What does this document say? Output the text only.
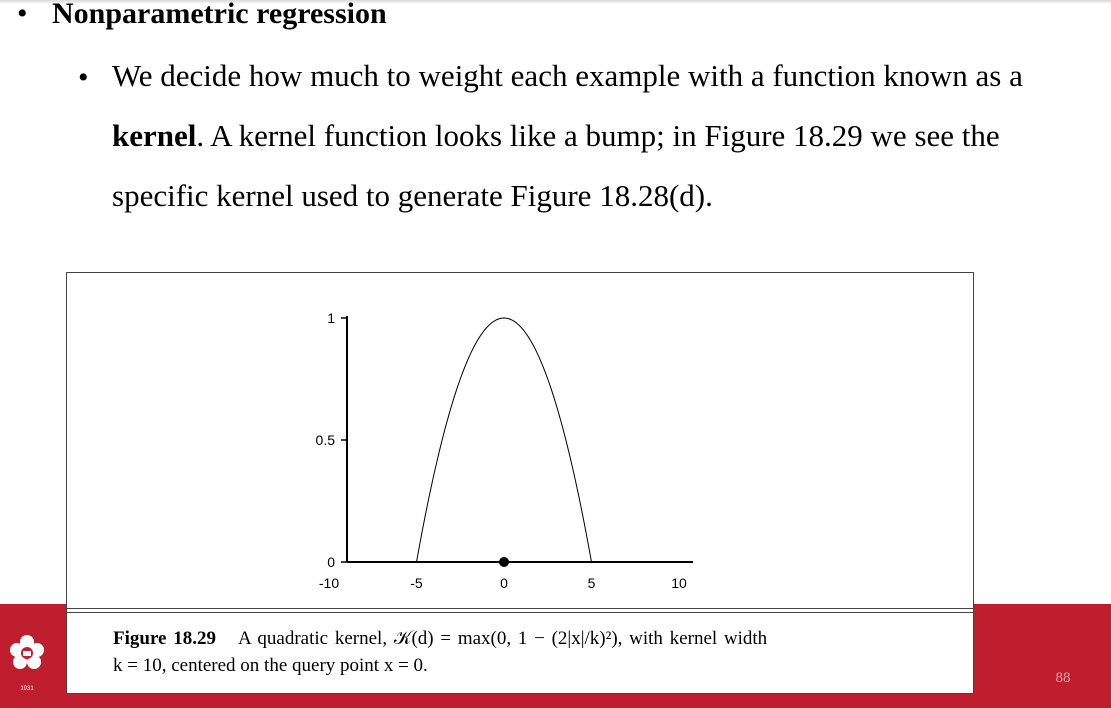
• Nonparametric regression
• We decide how much to weight each example with a function known as a
kernel. A kernel function looks like a bump; in Figure 18.29 we see the
specific kernel used to generate Figure 18.28(d).

1931
88
0
0.5
1
-10	-5	0	5	10

Figure 18.29 A quadratic kernel, 𝒦(d) = max(0, 1 − (2|x|/k)²), with kernel width
k = 10, centered on the query point x = 0.
